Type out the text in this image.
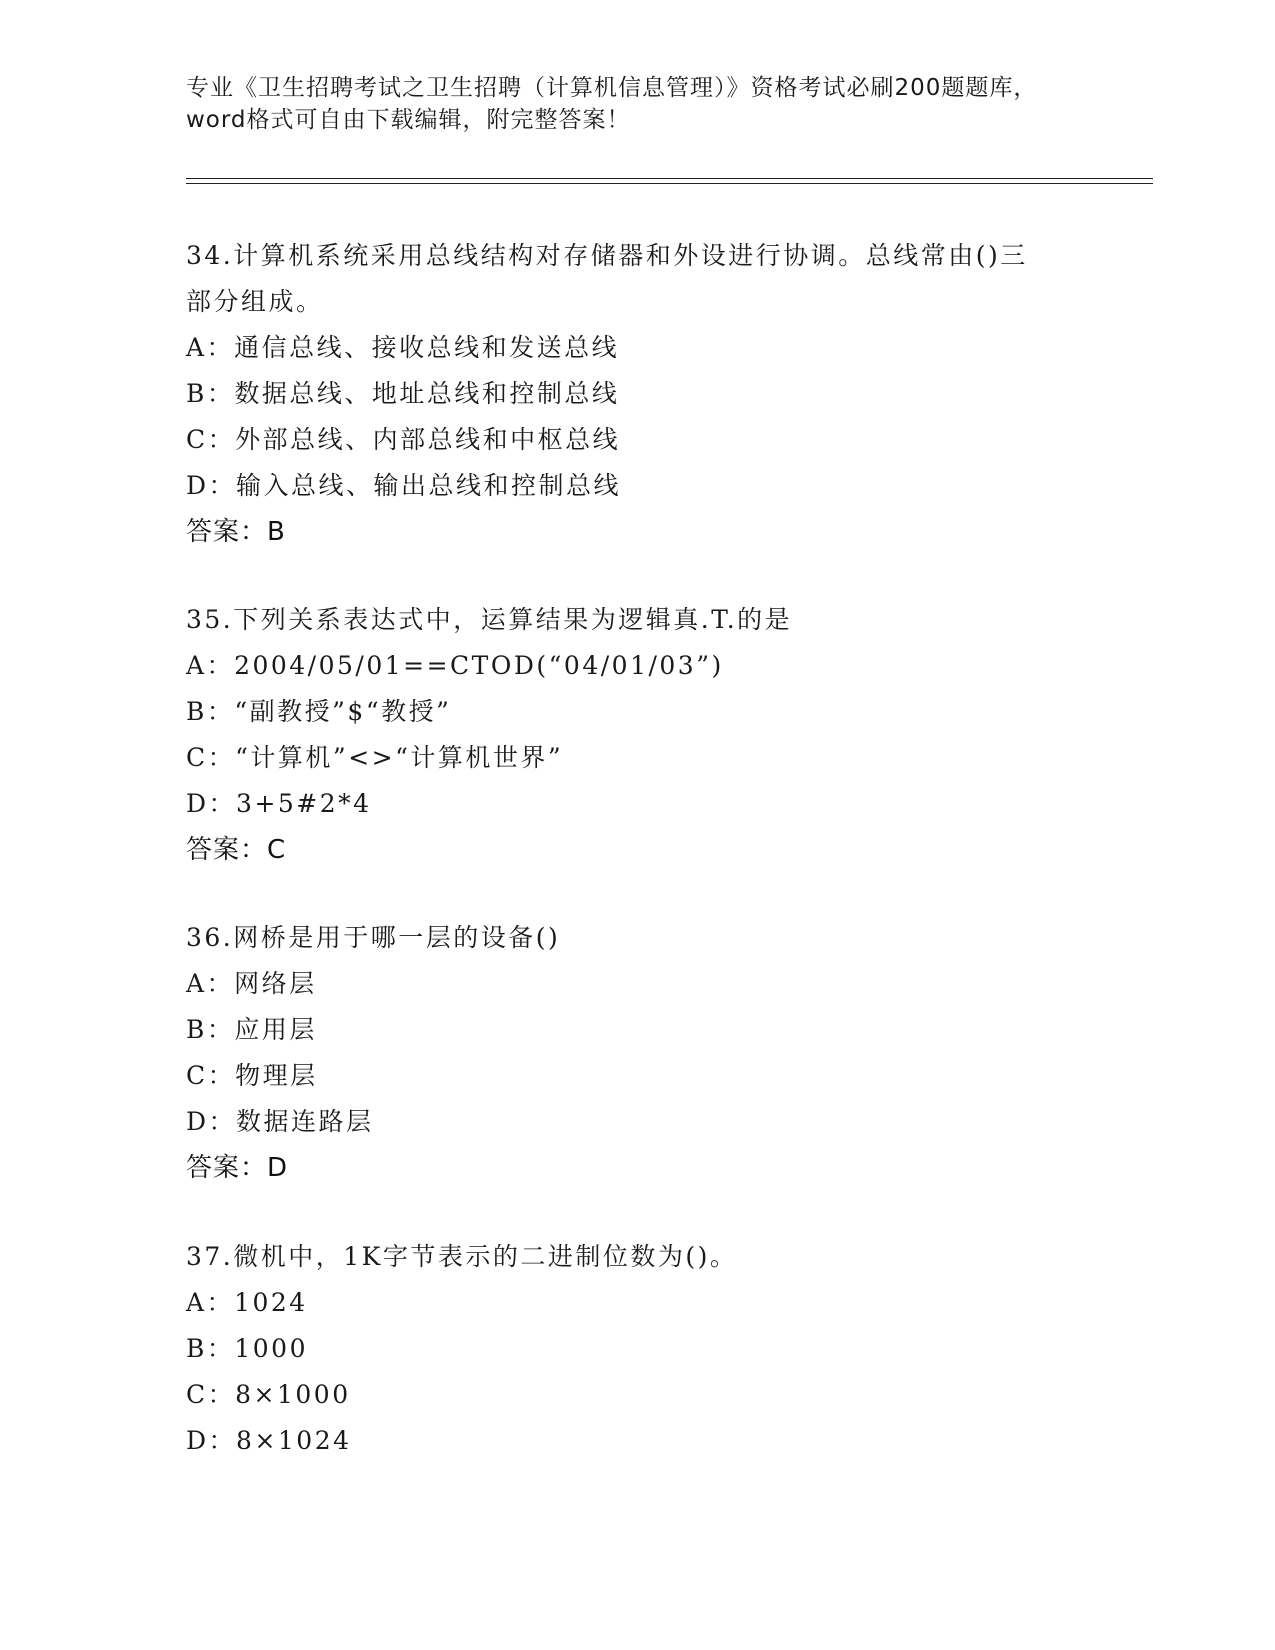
专业《卫生招聘考试之卫生招聘（计算机信息管理）》资格考试必刷200题题库，
word格式可自由下载编辑，附完整答案！
34.计算机系统采用总线结构对存储器和外设进行协调。总线常由()三
部分组成。
A：通信总线、接收总线和发送总线
B：数据总线、地址总线和控制总线
C：外部总线、内部总线和中枢总线
D：输入总线、输出总线和控制总线
答案：B
35.下列关系表达式中，运算结果为逻辑真.T.的是
A：2004/05/01==CTOD(“04/01/03”)
B：“副教授”$“教授”
C：“计算机”<>“计算机世界”
D：3+5#2*4
答案：C
36.网桥是用于哪一层的设备()
A：网络层
B：应用层
C：物理层
D：数据连路层
答案：D
37.微机中，1K字节表示的二进制位数为()。
A：1024
B：1000
C：8×1000
D：8×1024
